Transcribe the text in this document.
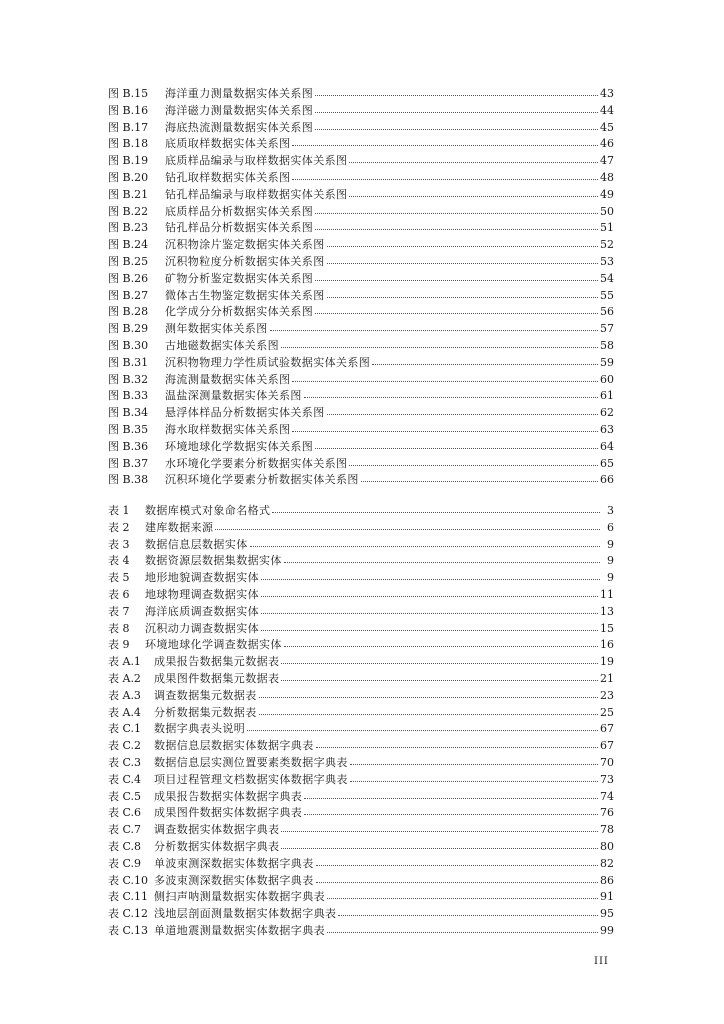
图 B.15	海洋重力测量数据实体关系图	43
图 B.16	海洋磁力测量数据实体关系图	44
图 B.17	海底热流测量数据实体关系图	45
图 B.18	底质取样数据实体关系图	46
图 B.19	底质样品编录与取样数据实体关系图	47
图 B.20	钻孔取样数据实体关系图	48
图 B.21	钻孔样品编录与取样数据实体关系图	49
图 B.22	底质样品分析数据实体关系图	50
图 B.23	钻孔样品分析数据实体关系图	51
图 B.24	沉积物涂片鉴定数据实体关系图	52
图 B.25	沉积物粒度分析数据实体关系图	53
图 B.26	矿物分析鉴定数据实体关系图	54
图 B.27	微体古生物鉴定数据实体关系图	55
图 B.28	化学成分分析数据实体关系图	56
图 B.29	测年数据实体关系图	57
图 B.30	古地磁数据实体关系图	58
图 B.31	沉积物物理力学性质试验数据实体关系图	59
图 B.32	海流测量数据实体关系图	60
图 B.33	温盐深测量数据实体关系图	61
图 B.34	悬浮体样品分析数据实体关系图	62
图 B.35	海水取样数据实体关系图	63
图 B.36	环境地球化学数据实体关系图	64
图 B.37	水环境化学要素分析数据实体关系图	65
图 B.38	沉积环境化学要素分析数据实体关系图	66
表 1	数据库模式对象命名格式	3
表 2	建库数据来源	6
表 3	数据信息层数据实体	9
表 4	数据资源层数据集数据实体	9
表 5	地形地貌调查数据实体	9
表 6	地球物理调查数据实体	11
表 7	海洋底质调查数据实体	13
表 8	沉积动力调查数据实体	15
表 9	环境地球化学调查数据实体	16
表 A.1	成果报告数据集元数据表	19
表 A.2	成果图件数据集元数据表	21
表 A.3	调查数据集元数据表	23
表 A.4	分析数据集元数据表	25
表 C.1	数据字典表头说明	67
表 C.2	数据信息层数据实体数据字典表	67
表 C.3	数据信息层实测位置要素类数据字典表	70
表 C.4	项目过程管理文档数据实体数据字典表	73
表 C.5	成果报告数据实体数据字典表	74
表 C.6	成果图件数据实体数据字典表	76
表 C.7	调查数据实体数据字典表	78
表 C.8	分析数据实体数据字典表	80
表 C.9	单波束测深数据实体数据字典表	82
表 C.10 多波束测深数据实体数据字典表	86
表 C.11 侧扫声呐测量数据实体数据字典表	91
表 C.12 浅地层剖面测量数据实体数据字典表	95
表 C.13 单道地震测量数据实体数据字典表	99
III
